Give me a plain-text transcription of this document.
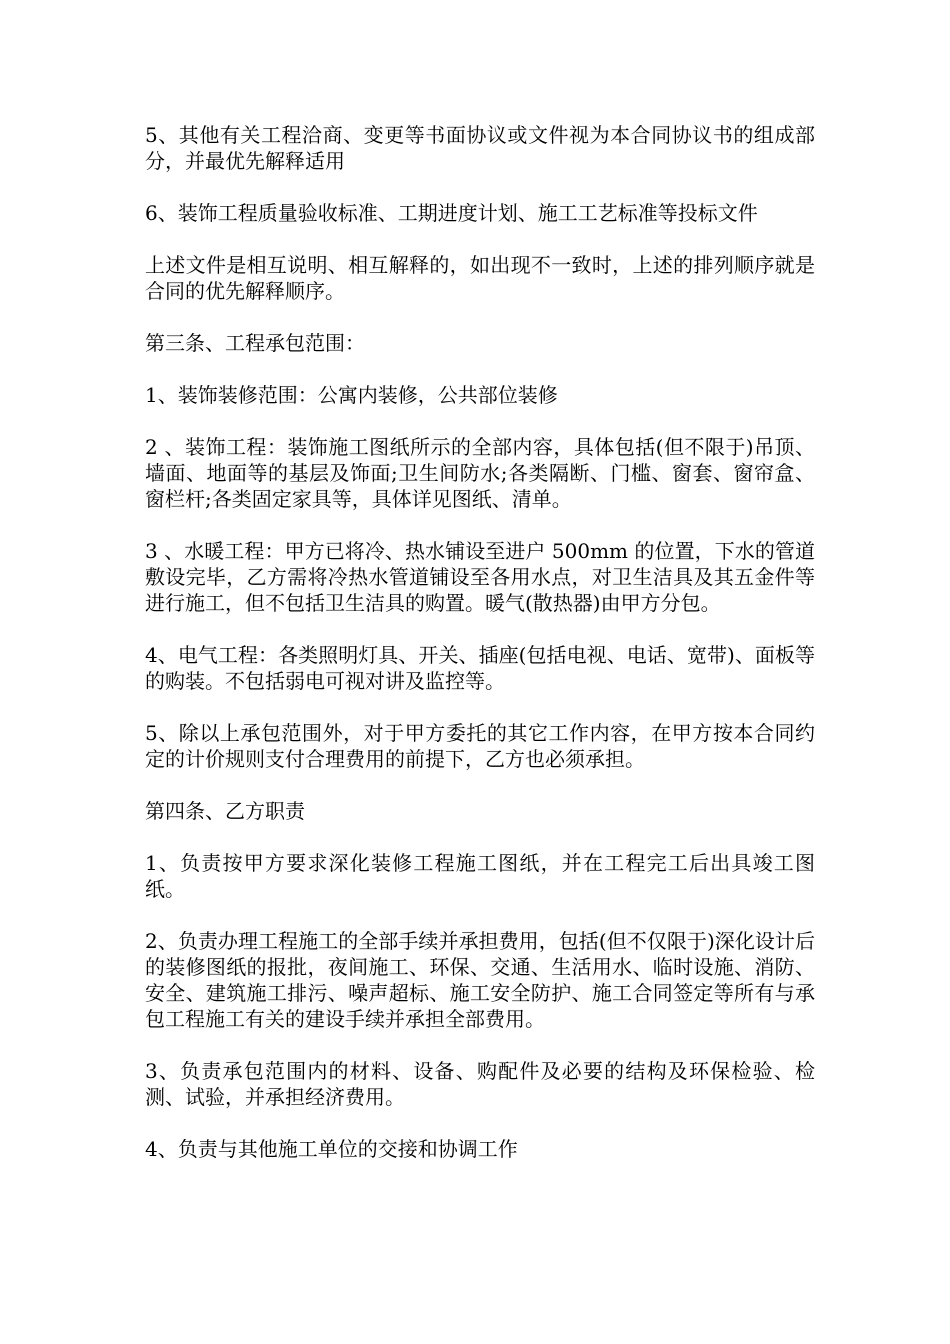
5、其他有关工程洽商、变更等书面协议或文件视为本合同协议书的组成部分，并最优先解释适用

6、装饰工程质量验收标准、工期进度计划、施工工艺标准等投标文件

上述文件是相互说明、相互解释的，如出现不一致时，上述的排列顺序就是合同的优先解释顺序。

第三条、工程承包范围：

1、装饰装修范围：公寓内装修，公共部位装修

2 、装饰工程：装饰施工图纸所示的全部内容，具体包括(但不限于)吊顶、墙面、地面等的基层及饰面;卫生间防水;各类隔断、门槛、窗套、窗帘盒、窗栏杆;各类固定家具等，具体详见图纸、清单。

3 、水暖工程：甲方已将冷、热水铺设至进户 500mm 的位置，下水的管道敷设完毕，乙方需将冷热水管道铺设至各用水点，对卫生洁具及其五金件等进行施工，但不包括卫生洁具的购置。暖气(散热器)由甲方分包。

4、电气工程：各类照明灯具、开关、插座(包括电视、电话、宽带)、面板等的购装。不包括弱电可视对讲及监控等。

5、除以上承包范围外，对于甲方委托的其它工作内容，在甲方按本合同约定的计价规则支付合理费用的前提下，乙方也必须承担。

第四条、乙方职责

1、负责按甲方要求深化装修工程施工图纸，并在工程完工后出具竣工图纸。

2、负责办理工程施工的全部手续并承担费用，包括(但不仅限于)深化设计后的装修图纸的报批，夜间施工、环保、交通、生活用水、临时设施、消防、安全、建筑施工排污、噪声超标、施工安全防护、施工合同签定等所有与承包工程施工有关的建设手续并承担全部费用。

3、负责承包范围内的材料、设备、购配件及必要的结构及环保检验、检测、试验，并承担经济费用。

4、负责与其他施工单位的交接和协调工作
